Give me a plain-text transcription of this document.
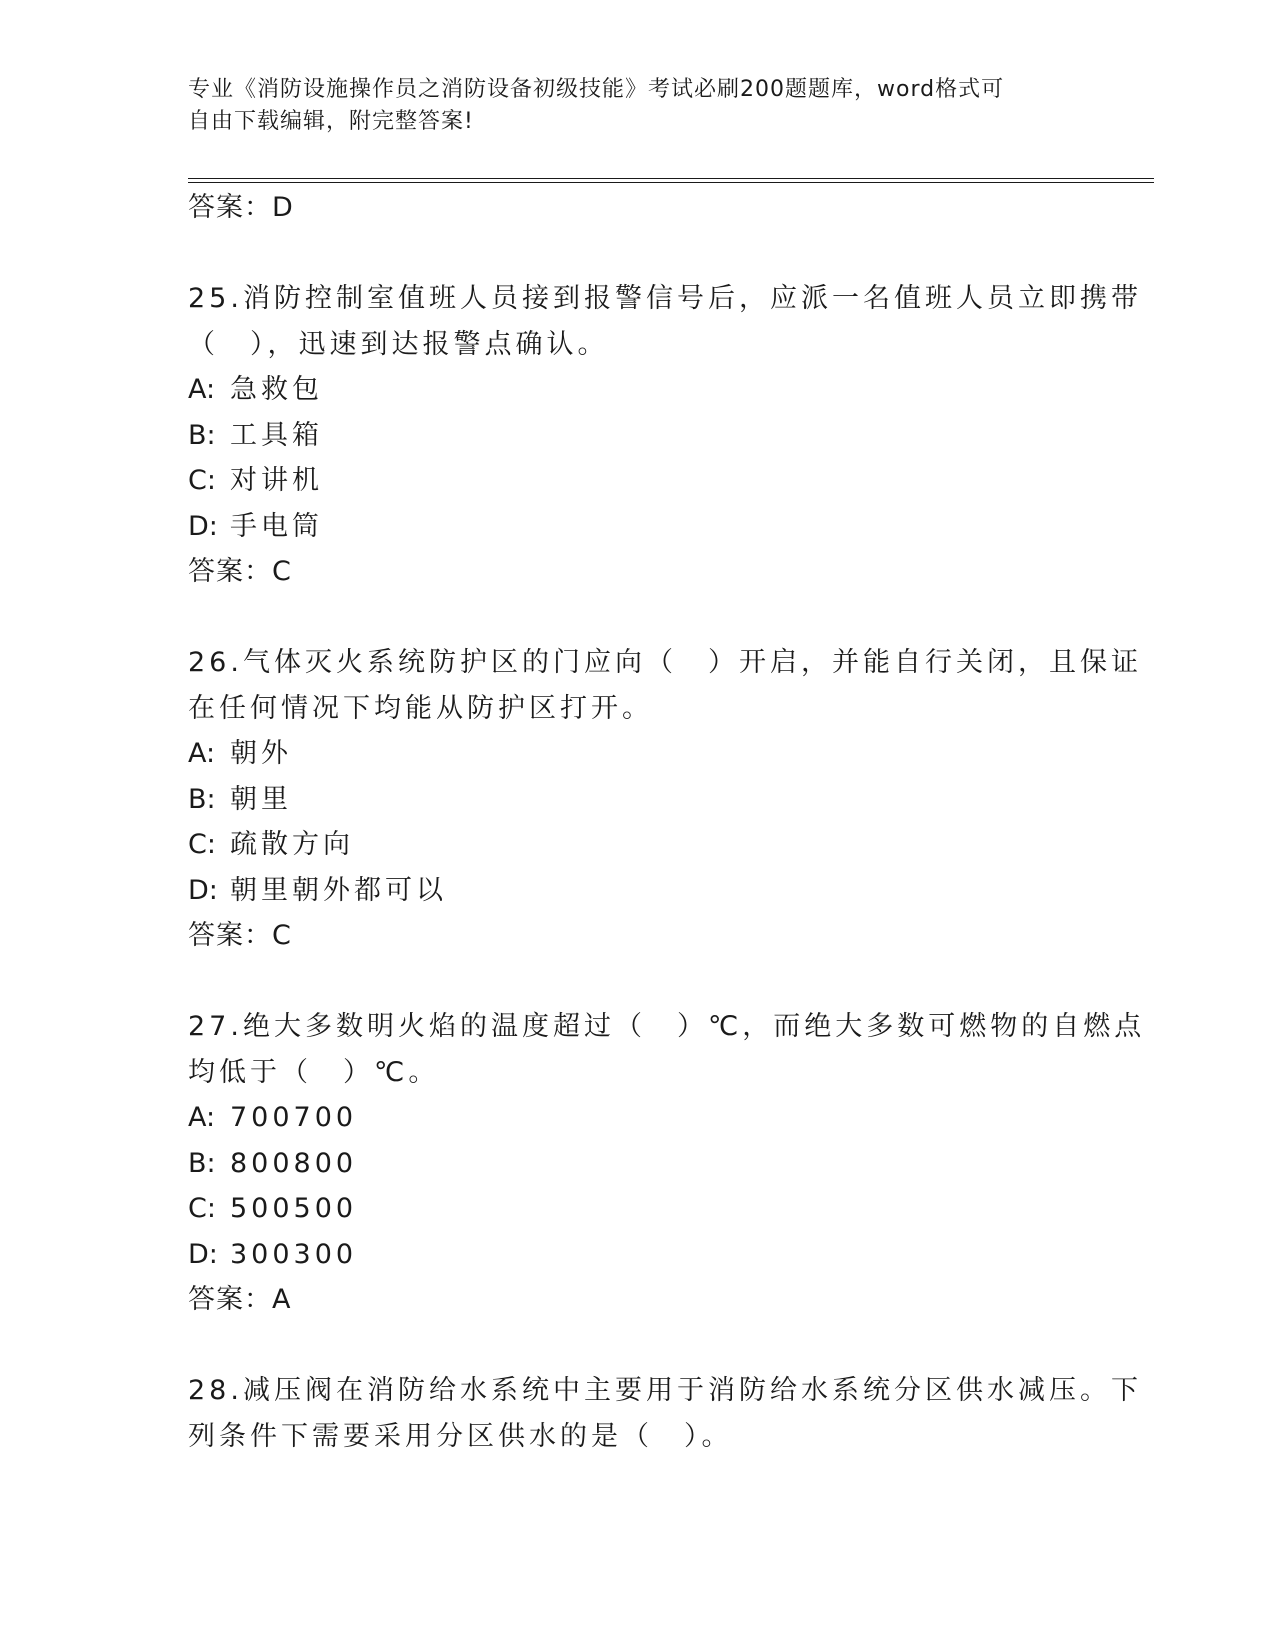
专业《消防设施操作员之消防设备初级技能》考试必刷200题题库，word格式可
自由下载编辑，附完整答案!
答案：D
25.消防控制室值班人员接到报警信号后，应派一名值班人员立即携带
（　），迅速到达报警点确认。
A: 急救包
B: 工具箱
C: 对讲机
D: 手电筒
答案：C
26.气体灭火系统防护区的门应向（　）开启，并能自行关闭，且保证
在任何情况下均能从防护区打开。
A: 朝外
B: 朝里
C: 疏散方向
D: 朝里朝外都可以
答案：C
27.绝大多数明火焰的温度超过（　）℃，而绝大多数可燃物的自燃点
均低于（　）℃。
A: 700700
B: 800800
C: 500500
D: 300300
答案：A
28.减压阀在消防给水系统中主要用于消防给水系统分区供水减压。下
列条件下需要采用分区供水的是（　）。
